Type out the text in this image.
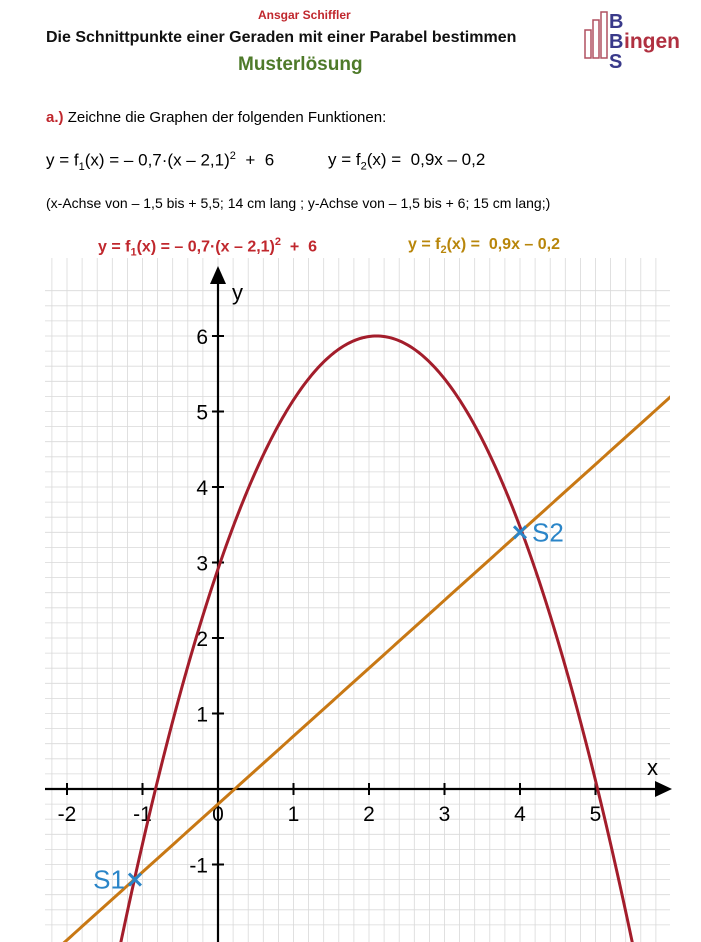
Ansgar Schiffler
Die Schnittpunkte einer Geraden mit einer Parabel bestimmen
Musterlösung
B
B
S
ingen
a.) Zeichne die Graphen der folgenden Funktionen:
$y = f_1(x)$ = – 0,7·(x – 2,1)$^2$  +  6	$y = f_2(x) = 0,9x - 0,2$
(x-Achse von – 1,5 bis + 5,5; 14 cm lang ; y-Achse von – 1,5 bis + 6; 15 cm lang;)
$y = f_1(x)$ = – 0,7·(x – 2,1)$^2$  +  6	$y = f_2(x) = 0,9x - 0,2$
x
y
-2	-1	0	1	2	3	4	5
-1
1
2
3
4
5
6
S1
S2
